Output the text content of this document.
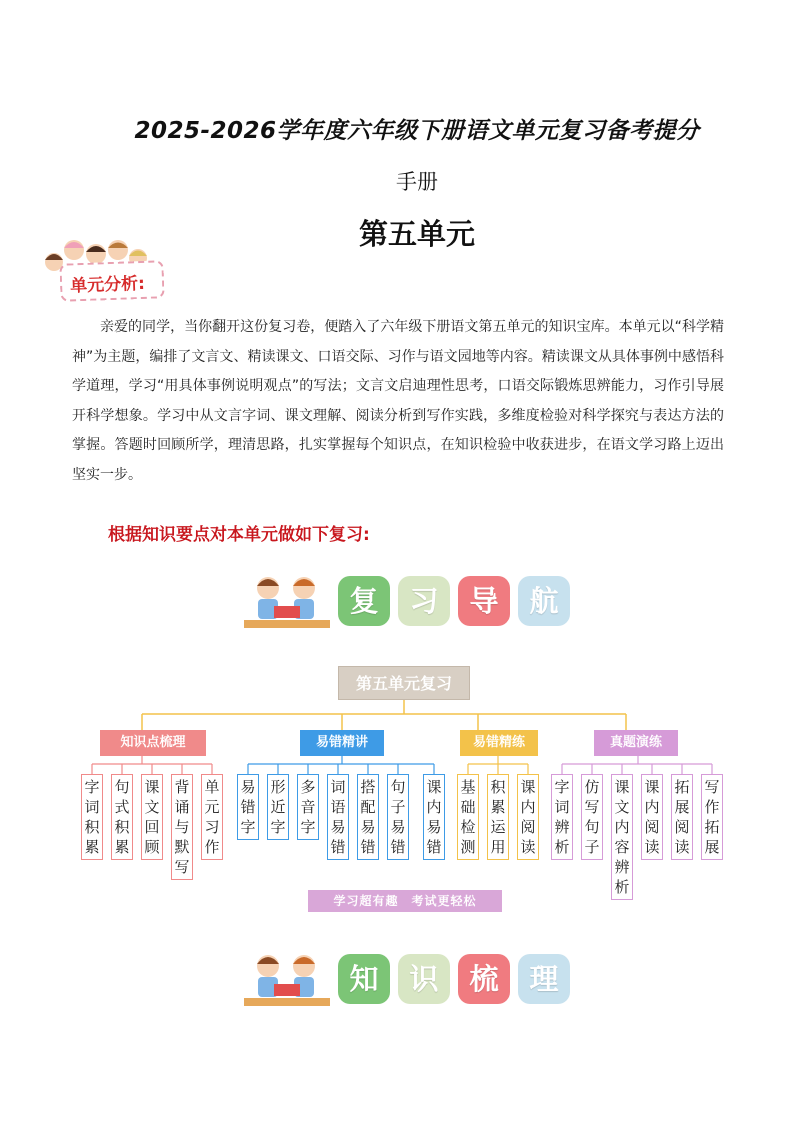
2025-2026学年度六年级下册语文单元复习备考提分
手册
第五单元
单元分析:
亲爱的同学，当你翻开这份复习卷，便踏入了六年级下册语文第五单元的知识宝库。本单元以“科学精神”为主题，编排了文言文、精读课文、口语交际、习作与语文园地等内容。精读课文从具体事例中感悟科学道理，学习“用具体事例说明观点”的写法；文言文启迪理性思考，口语交际锻炼思辨能力，习作引导展开科学想象。学习中从文言字词、课文理解、阅读分析到写作实践，多维度检验对科学探究与表达方法的掌握。答题时回顾所学，理清思路，扎实掌握每个知识点，在知识检验中收获进步，在语文学习路上迈出坚实一步。
根据知识要点对本单元做如下复习:
复	习	导	航
第五单元复习
知识点梳理	易错精讲	易错精练	真题演练
字词积累
句式积累
课文回顾
背诵与默写
单元习作
易错字
形近字
多音字
词语易错
搭配易错
句子易错
课内易错
基础检测
积累运用
课内阅读
字词辨析
仿写句子
课文内容辨析
课内阅读
拓展阅读
写作拓展
学习超有趣　考试更轻松
知	识	梳	理
